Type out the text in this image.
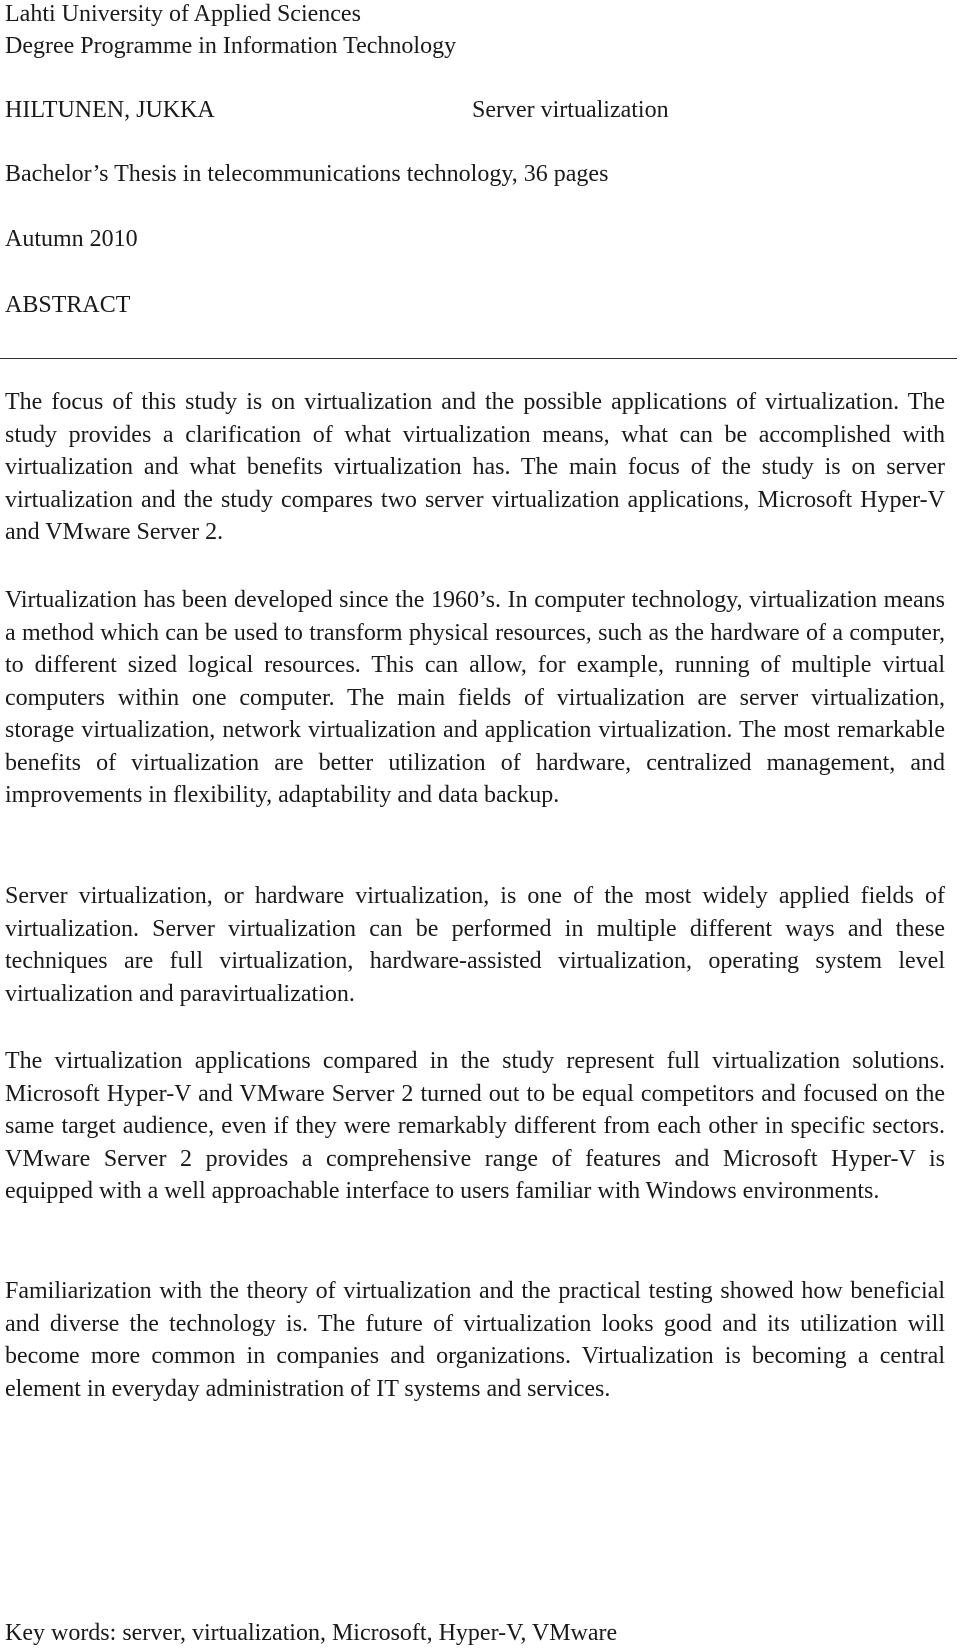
Lahti University of Applied Sciences
Degree Programme in Information Technology
HILTUNEN, JUKKA	Server virtualization
Bachelor’s Thesis in telecommunications technology, 36 pages
Autumn 2010
ABSTRACT

The focus of this study is on virtualization and the possible applications of virtualization. The study provides a clarification of what virtualization means, what can be accomplished with virtualization and what benefits virtualization has. The main focus of the study is on server virtualization and the study compares two server virtualization applications, Microsoft Hyper-V and VMware Server 2.

Virtualization has been developed since the 1960’s. In computer technology, virtualization means a method which can be used to transform physical resources, such as the hardware of a computer, to different sized logical resources. This can allow, for example, running of multiple virtual computers within one computer. The main fields of virtualization are server virtualization, storage virtualization, network virtualization and application virtualization. The most remarkable benefits of virtualization are better utilization of hardware, centralized management, and improvements in flexibility, adaptability and data backup.

Server virtualization, or hardware virtualization, is one of the most widely applied fields of virtualization. Server virtualization can be performed in multiple different ways and these techniques are full virtualization, hardware-assisted virtualization, operating system level virtualization and paravirtualization.

The virtualization applications compared in the study represent full virtualization solutions. Microsoft Hyper-V and VMware Server 2 turned out to be equal competitors and focused on the same target audience, even if they were remarkably different from each other in specific sectors. VMware Server 2 provides a comprehensive range of features and Microsoft Hyper-V is equipped with a well approachable interface to users familiar with Windows environments.

Familiarization with the theory of virtualization and the practical testing showed how beneficial and diverse the technology is. The future of virtualization looks good and its utilization will become more common in companies and organizations. Virtualization is becoming a central element in everyday administration of IT systems and services.

Key words: server, virtualization, Microsoft, Hyper-V, VMware
